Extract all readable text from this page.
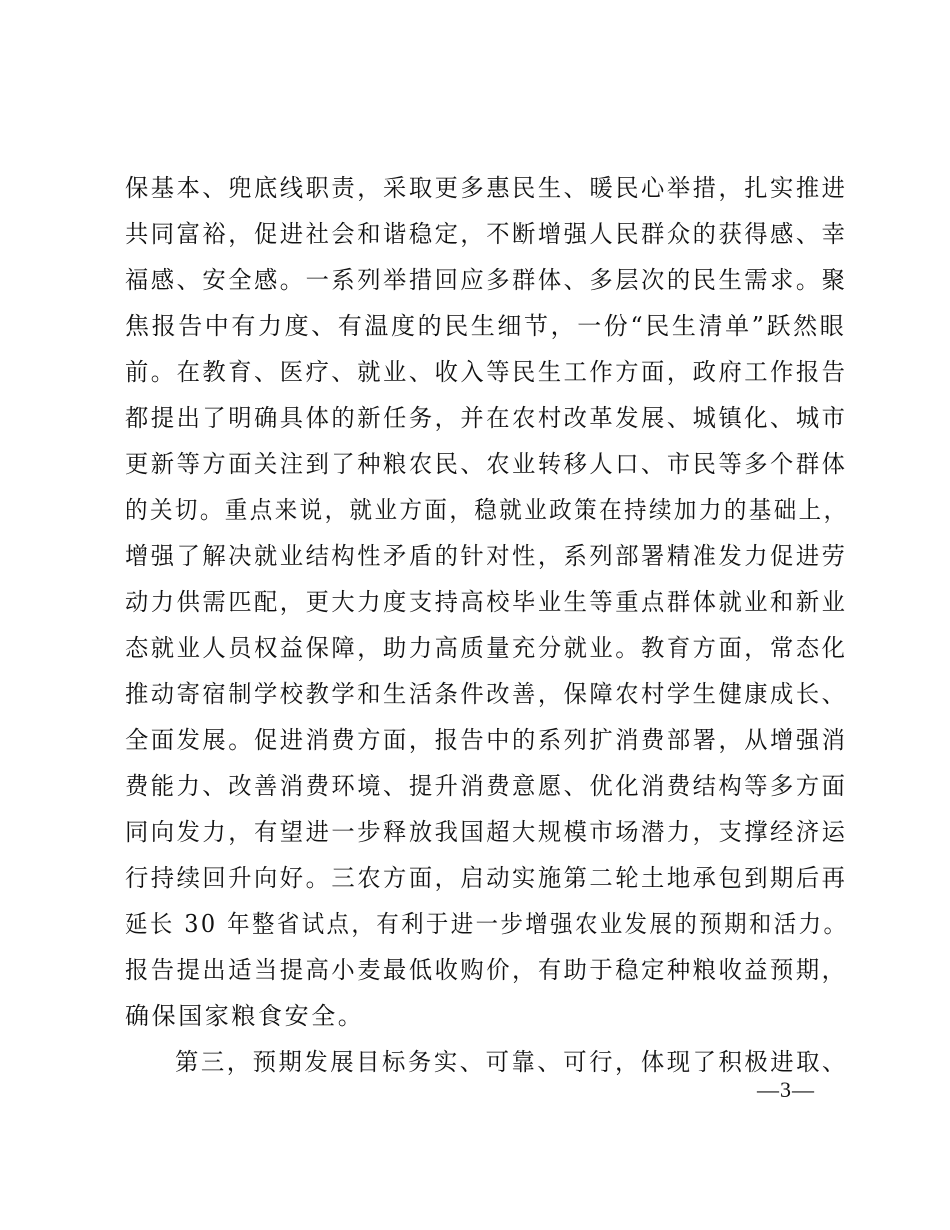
保基本、兜底线职责，采取更多惠民生、暖民心举措，扎实推进
共同富裕，促进社会和谐稳定，不断增强人民群众的获得感、幸
福感、安全感。一系列举措回应多群体、多层次的民生需求。聚
焦报告中有力度、有温度的民生细节，一份“民生清单”跃然眼
前。在教育、医疗、就业、收入等民生工作方面，政府工作报告
都提出了明确具体的新任务，并在农村改革发展、城镇化、城市
更新等方面关注到了种粮农民、农业转移人口、市民等多个群体
的关切。重点来说，就业方面，稳就业政策在持续加力的基础上，
增强了解决就业结构性矛盾的针对性，系列部署精准发力促进劳
动力供需匹配，更大力度支持高校毕业生等重点群体就业和新业
态就业人员权益保障，助力高质量充分就业。教育方面，常态化
推动寄宿制学校教学和生活条件改善，保障农村学生健康成长、
全面发展。促进消费方面，报告中的系列扩消费部署，从增强消
费能力、改善消费环境、提升消费意愿、优化消费结构等多方面
同向发力，有望进一步释放我国超大规模市场潜力，支撑经济运
行持续回升向好。三农方面，启动实施第二轮土地承包到期后再
延长 30 年整省试点，有利于进一步增强农业发展的预期和活力。
报告提出适当提高小麦最低收购价，有助于稳定种粮收益预期，
确保国家粮食安全。
第三，预期发展目标务实、可靠、可行，体现了积极进取、
—3—
